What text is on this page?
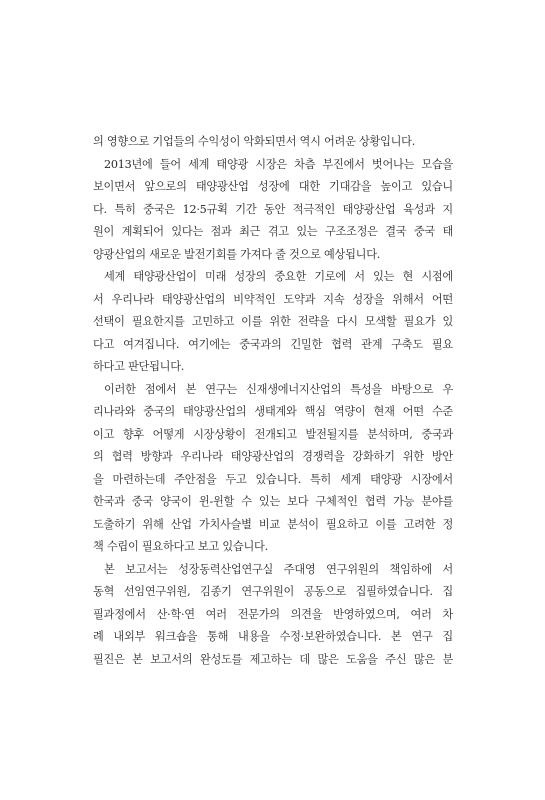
의 영향으로 기업들의 수익성이 악화되면서 역시 어려운 상황입니다.
2013년에 들어 세계 태양광 시장은 차츰 부진에서 벗어나는 모습을
보이면서 앞으로의 태양광산업 성장에 대한 기대감을 높이고 있습니
다. 특히 중국은 12·5규획 기간 동안 적극적인 태양광산업 육성과 지
원이 계획되어 있다는 점과 최근 겪고 있는 구조조정은 결국 중국 태
양광산업의 새로운 발전기회를 가져다 줄 것으로 예상됩니다.
세계 태양광산업이 미래 성장의 중요한 기로에 서 있는 현 시점에
서 우리나라 태양광산업의 비약적인 도약과 지속 성장을 위해서 어떤
선택이 필요한지를 고민하고 이를 위한 전략을 다시 모색할 필요가 있
다고 여겨집니다. 여기에는 중국과의 긴밀한 협력 관계 구축도 필요
하다고 판단됩니다.
이러한 점에서 본 연구는 신재생에너지산업의 특성을 바탕으로 우
리나라와 중국의 태양광산업의 생태계와 핵심 역량이 현재 어떤 수준
이고 향후 어떻게 시장상황이 전개되고 발전될지를 분석하며, 중국과
의 협력 방향과 우리나라 태양광산업의 경쟁력을 강화하기 위한 방안
을 마련하는데 주안점을 두고 있습니다. 특히 세계 태양광 시장에서
한국과 중국 양국이 윈-윈할 수 있는 보다 구체적인 협력 가능 분야를
도출하기 위해 산업 가치사슬별 비교 분석이 필요하고 이를 고려한 정
책 수립이 필요하다고 보고 있습니다.
본 보고서는 성장동력산업연구실 주대영 연구위원의 책임하에 서
동혁 선임연구위원, 김종기 연구위원이 공동으로 집필하였습니다. 집
필과정에서 산·학·연 여러 전문가의 의견을 반영하였으며, 여러 차
례 내외부 워크숍을 통해 내용을 수정·보완하였습니다. 본 연구 집
필진은 본 보고서의 완성도를 제고하는 데 많은 도움을 주신 많은 분
